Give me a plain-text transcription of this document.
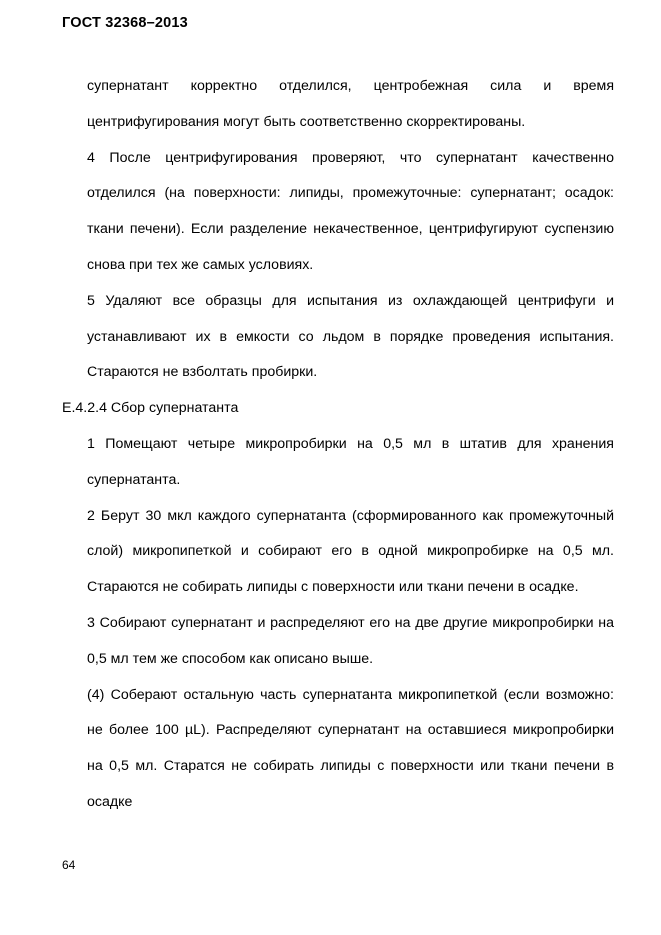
ГОСТ 32368–2013

супернатант корректно отделился, центробежная сила и время центрифугирования могут быть соответственно скорректированы.

4 После центрифугирования проверяют, что супернатант качественно отделился (на поверхности: липиды, промежуточные: супернатант; осадок: ткани печени). Если разделение некачественное, центрифугируют суспензию снова при тех же самых условиях.

5 Удаляют все образцы для испытания из охлаждающей центрифуги и устанавливают их в емкости со льдом в порядке проведения испытания. Стараются не взболтать пробирки.

Е.4.2.4 Сбор супернатанта

1 Помещают четыре микропробирки на 0,5 мл в штатив для хранения супернатанта.

2 Берут 30 мкл каждого супернатанта (сформированного как промежуточный слой) микропипеткой и собирают его в одной микропробирке на 0,5 мл. Стараются не собирать липиды с поверхности или ткани печени в осадке.

3 Собирают супернатант и распределяют его на две другие микропробирки на 0,5 мл тем же способом как описано выше.

(4) Соберают остальную часть супернатанта микропипеткой (если возможно: не более 100 µL). Распределяют супернатант на оставшиеся микропробирки на 0,5 мл. Старатся не собирать липиды с поверхности или ткани печени в осадке

64
